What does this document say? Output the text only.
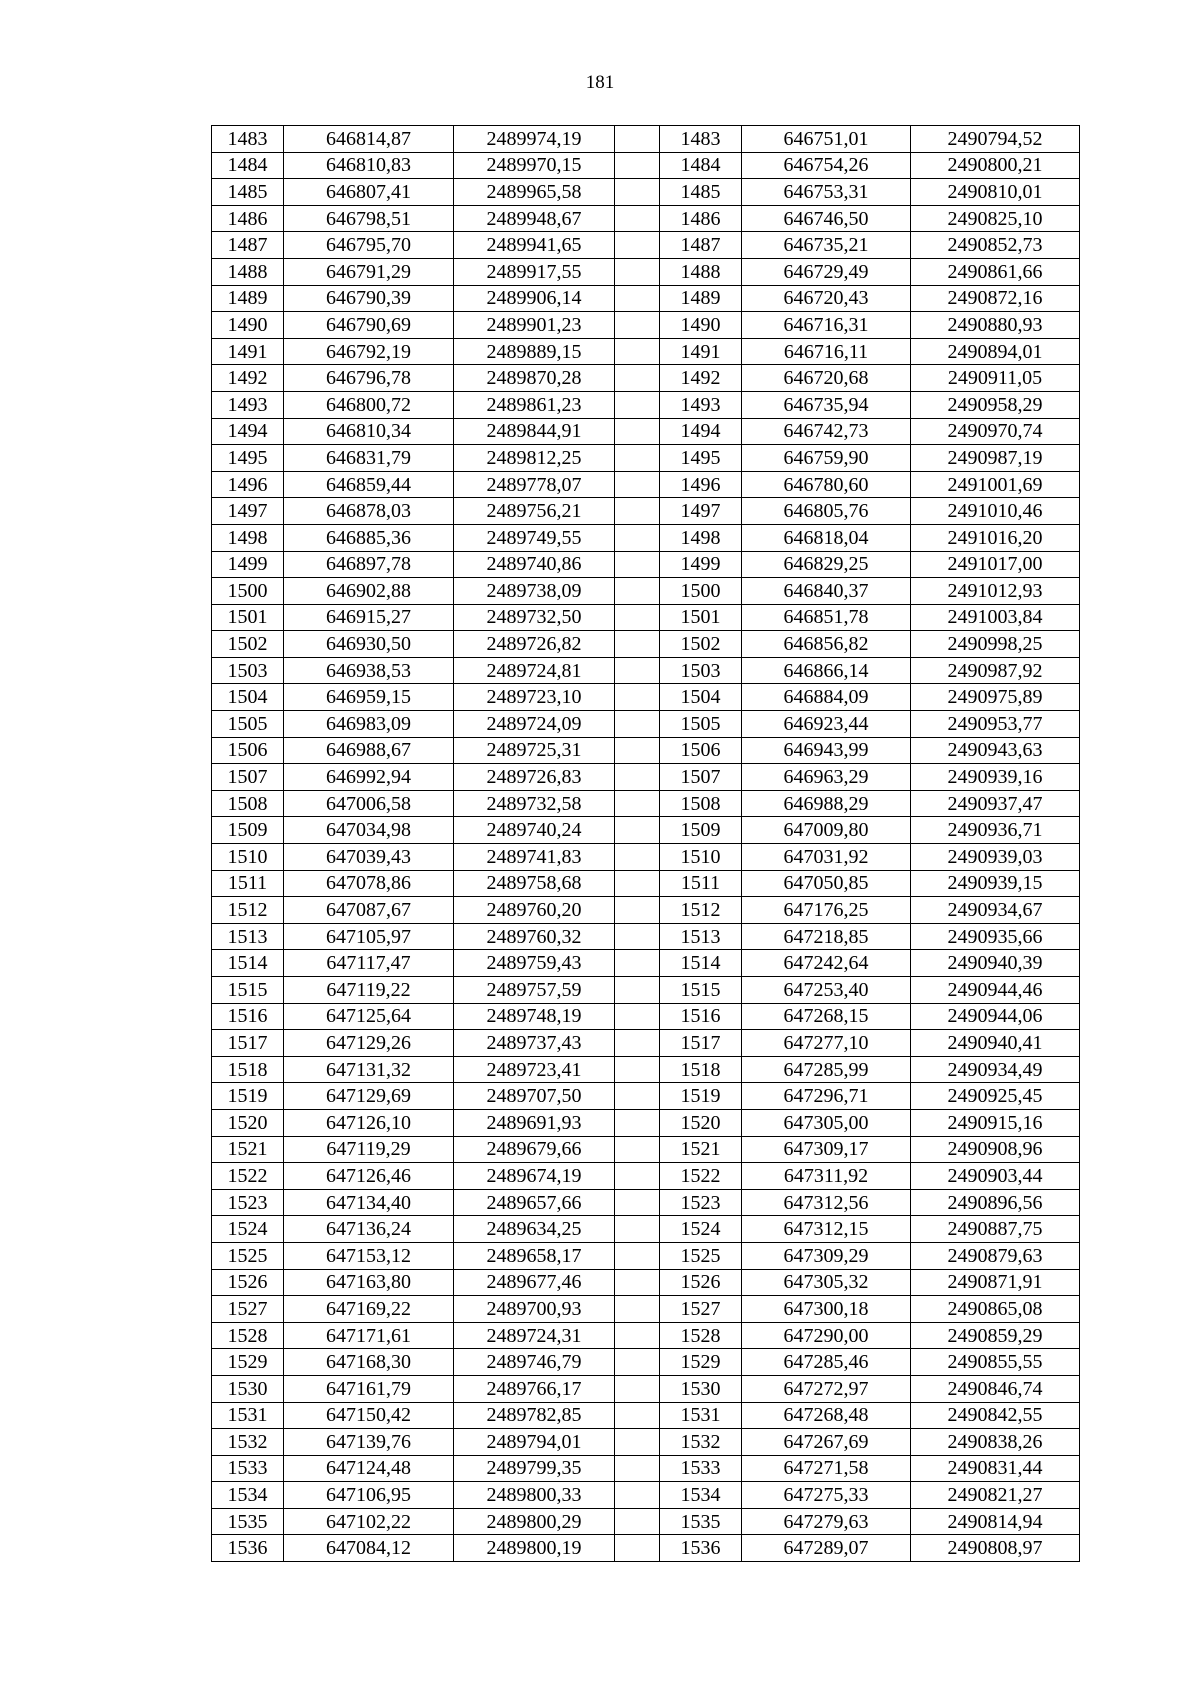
181
1483	646814,87	2489974,19		1483	646751,01	2490794,52
1484	646810,83	2489970,15		1484	646754,26	2490800,21
1485	646807,41	2489965,58		1485	646753,31	2490810,01
1486	646798,51	2489948,67		1486	646746,50	2490825,10
1487	646795,70	2489941,65		1487	646735,21	2490852,73
1488	646791,29	2489917,55		1488	646729,49	2490861,66
1489	646790,39	2489906,14		1489	646720,43	2490872,16
1490	646790,69	2489901,23		1490	646716,31	2490880,93
1491	646792,19	2489889,15		1491	646716,11	2490894,01
1492	646796,78	2489870,28		1492	646720,68	2490911,05
1493	646800,72	2489861,23		1493	646735,94	2490958,29
1494	646810,34	2489844,91		1494	646742,73	2490970,74
1495	646831,79	2489812,25		1495	646759,90	2490987,19
1496	646859,44	2489778,07		1496	646780,60	2491001,69
1497	646878,03	2489756,21		1497	646805,76	2491010,46
1498	646885,36	2489749,55		1498	646818,04	2491016,20
1499	646897,78	2489740,86		1499	646829,25	2491017,00
1500	646902,88	2489738,09		1500	646840,37	2491012,93
1501	646915,27	2489732,50		1501	646851,78	2491003,84
1502	646930,50	2489726,82		1502	646856,82	2490998,25
1503	646938,53	2489724,81		1503	646866,14	2490987,92
1504	646959,15	2489723,10		1504	646884,09	2490975,89
1505	646983,09	2489724,09		1505	646923,44	2490953,77
1506	646988,67	2489725,31		1506	646943,99	2490943,63
1507	646992,94	2489726,83		1507	646963,29	2490939,16
1508	647006,58	2489732,58		1508	646988,29	2490937,47
1509	647034,98	2489740,24		1509	647009,80	2490936,71
1510	647039,43	2489741,83		1510	647031,92	2490939,03
1511	647078,86	2489758,68		1511	647050,85	2490939,15
1512	647087,67	2489760,20		1512	647176,25	2490934,67
1513	647105,97	2489760,32		1513	647218,85	2490935,66
1514	647117,47	2489759,43		1514	647242,64	2490940,39
1515	647119,22	2489757,59		1515	647253,40	2490944,46
1516	647125,64	2489748,19		1516	647268,15	2490944,06
1517	647129,26	2489737,43		1517	647277,10	2490940,41
1518	647131,32	2489723,41		1518	647285,99	2490934,49
1519	647129,69	2489707,50		1519	647296,71	2490925,45
1520	647126,10	2489691,93		1520	647305,00	2490915,16
1521	647119,29	2489679,66		1521	647309,17	2490908,96
1522	647126,46	2489674,19		1522	647311,92	2490903,44
1523	647134,40	2489657,66		1523	647312,56	2490896,56
1524	647136,24	2489634,25		1524	647312,15	2490887,75
1525	647153,12	2489658,17		1525	647309,29	2490879,63
1526	647163,80	2489677,46		1526	647305,32	2490871,91
1527	647169,22	2489700,93		1527	647300,18	2490865,08
1528	647171,61	2489724,31		1528	647290,00	2490859,29
1529	647168,30	2489746,79		1529	647285,46	2490855,55
1530	647161,79	2489766,17		1530	647272,97	2490846,74
1531	647150,42	2489782,85		1531	647268,48	2490842,55
1532	647139,76	2489794,01		1532	647267,69	2490838,26
1533	647124,48	2489799,35		1533	647271,58	2490831,44
1534	647106,95	2489800,33		1534	647275,33	2490821,27
1535	647102,22	2489800,29		1535	647279,63	2490814,94
1536	647084,12	2489800,19		1536	647289,07	2490808,97
